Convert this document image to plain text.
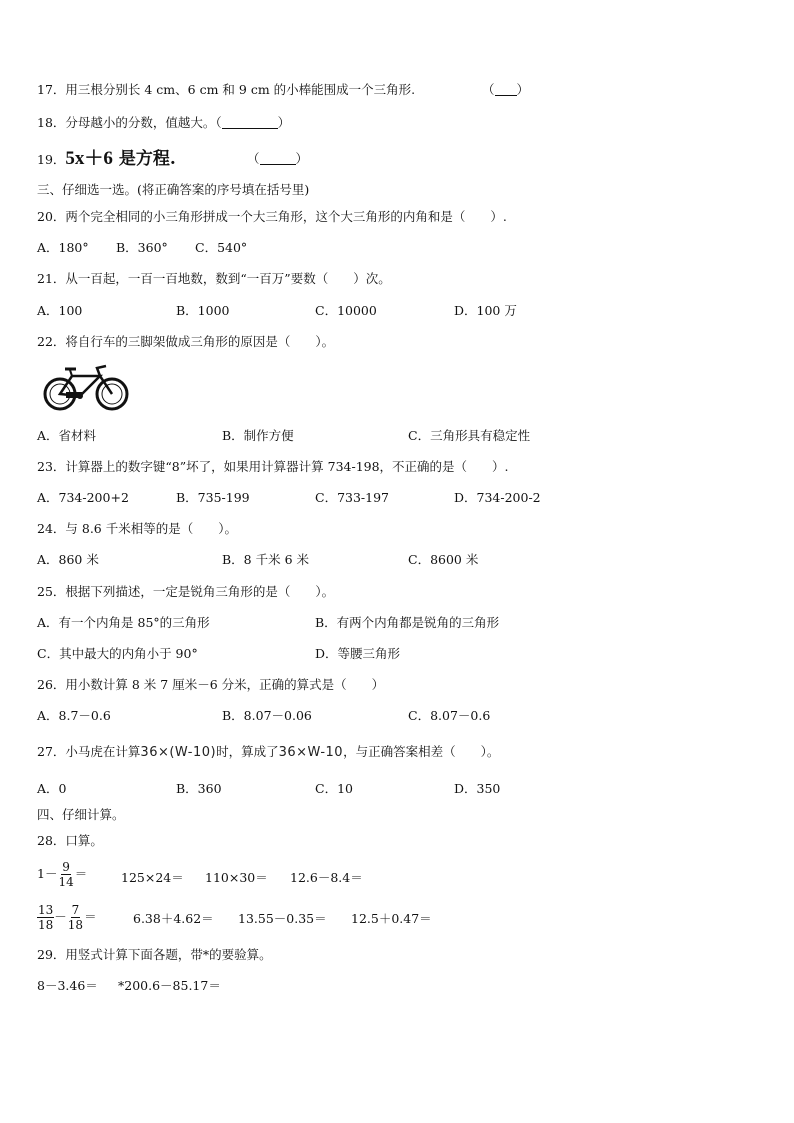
17．用三根分别长 4 cm、6 cm 和 9 cm 的小棒能围成一个三角形.	（ ）
18．分母越小的分数，值越大。（	）
19．5x＋6 是方程.	（	）
三、仔细选一选。(将正确答案的序号填在括号里)
20．两个完全相同的小三角形拼成一个大三角形，这个大三角形的内角和是（　　）.
A．180° B．360° C．540°
21．从一百起，一百一百地数，数到“一百万”要数（　　）次。
A．100	B．1000	C．10000	D．100 万
22．将自行车的三脚架做成三角形的原因是（　　）。
A．省材料	B．制作方便	C．三角形具有稳定性
23．计算器上的数字键“8”坏了，如果用计算器计算 734-198，不正确的是（　　）.
A．734-200+2	B．735-199	C．733-197	D．734-200-2
24．与 8.6 千米相等的是（　　）。
A．860 米	B．8 千米 6 米	C．8600 米
25．根据下列描述，一定是锐角三角形的是（　　）。
A．有一个内角是 85°的三角形	B．有两个内角都是锐角的三角形
C．其中最大的内角小于 90°	D．等腰三角形
26．用小数计算 8 米 7 厘米－6 分米，正确的算式是（　　）
A．8.7－0.6	B．8.07－0.06	C．8.07－0.6
27．小马虎在计算36×(W-10)时，算成了36×W-10，与正确答案相差（　　）。
A．0	B．360	C．10	D．350
四、仔细计算。
28．口算。
$1- \frac{9}{14}$ ＝	125×24＝ 110×30＝ 12.6－8.4＝
$\frac{13}{18} - \frac{7}{18}$ ＝	6.38＋4.62＝ 13.55－0.35＝ 12.5＋0.47＝
29．用竖式计算下面各题，带*的要验算。
8－3.46＝ *200.6－85.17＝
